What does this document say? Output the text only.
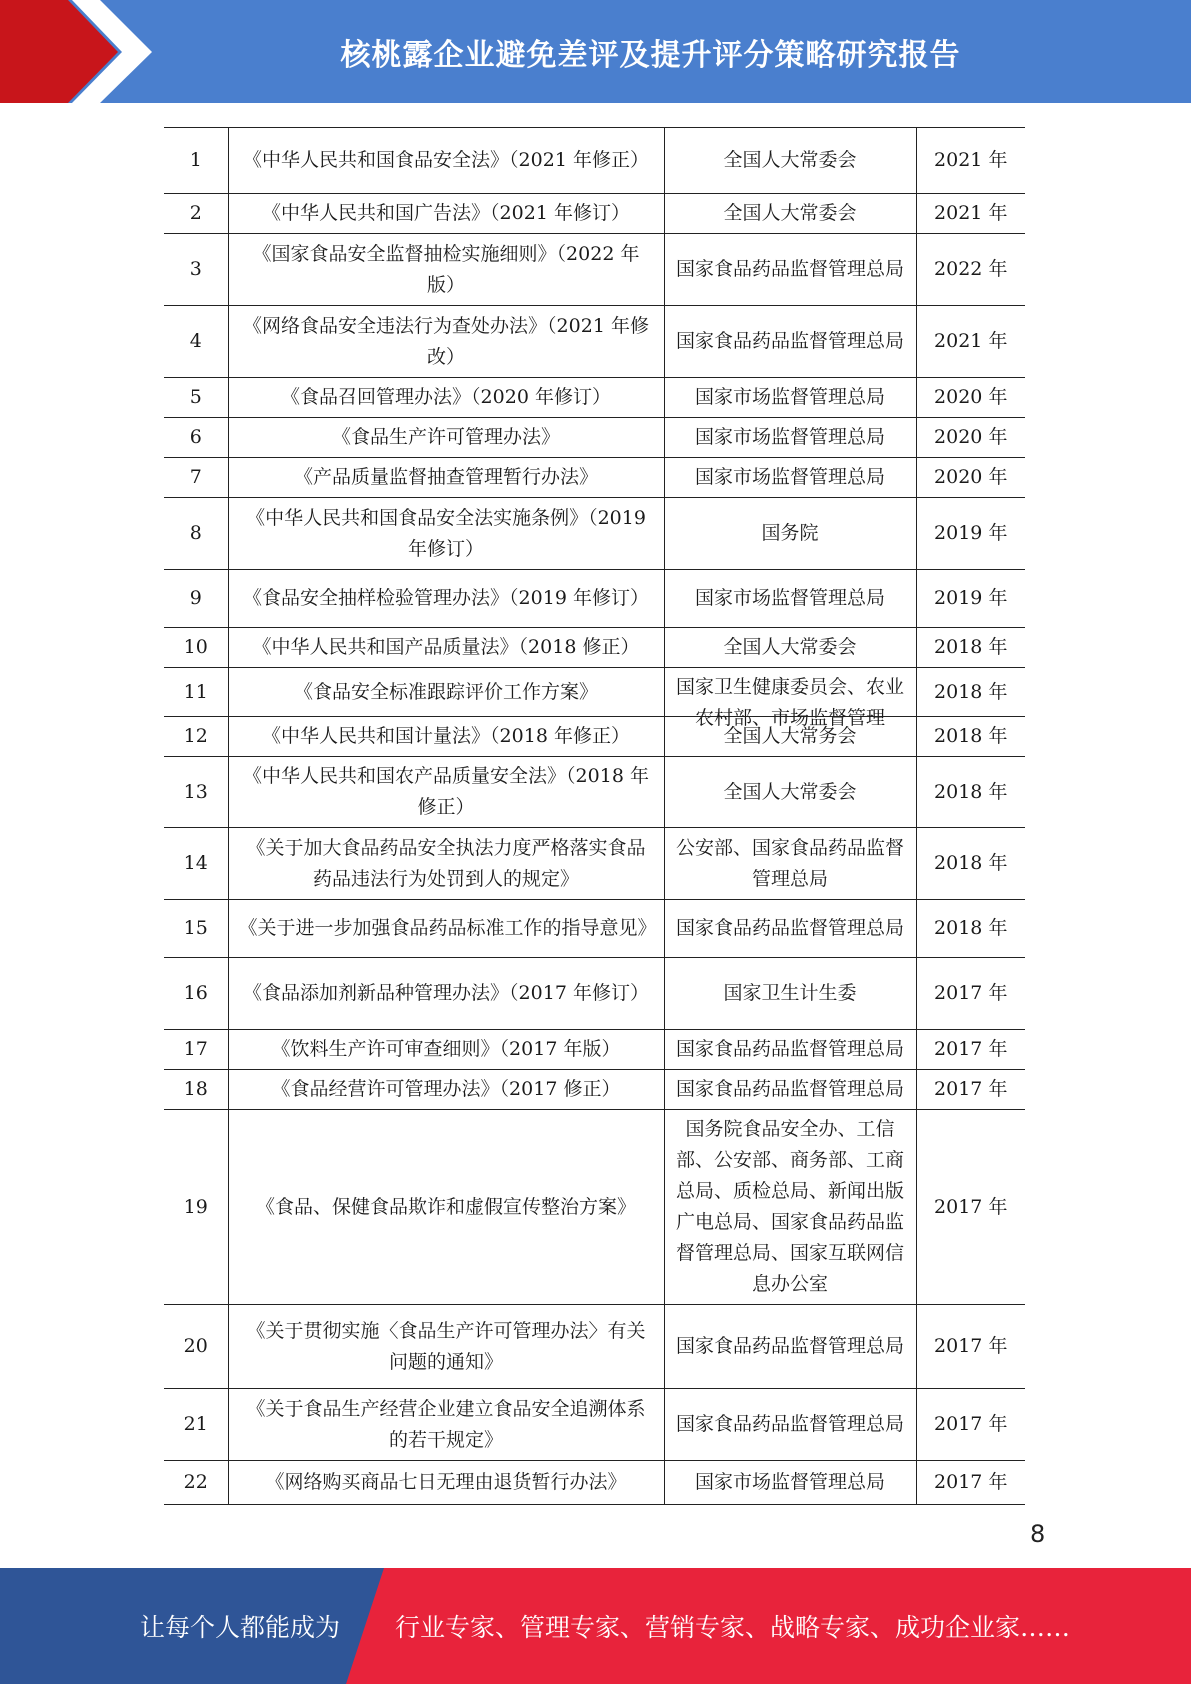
核桃露企业避免差评及提升评分策略研究报告
1	《中华人民共和国食品安全法》（2021 年修正）	全国人大常委会	2021 年
2	《中华人民共和国广告法》（2021 年修订）	全国人大常委会	2021 年
3	《国家食品安全监督抽检实施细则》（2022 年版）	国家食品药品监督管理总局	2022 年
4	《网络食品安全违法行为查处办法》（2021 年修改）	国家食品药品监督管理总局	2021 年
5	《食品召回管理办法》（2020 年修订）	国家市场监督管理总局	2020 年
6	《食品生产许可管理办法》	国家市场监督管理总局	2020 年
7	《产品质量监督抽查管理暂行办法》	国家市场监督管理总局	2020 年
8	《中华人民共和国食品安全法实施条例》（2019 年修订）	国务院	2019 年
9	《食品安全抽样检验管理办法》（2019 年修订）	国家市场监督管理总局	2019 年
10	《中华人民共和国产品质量法》（2018 修正）	全国人大常委会	2018 年
11	《食品安全标准跟踪评价工作方案》	国家卫生健康委员会、农业农村部、市场监督管理	2018 年
12	《中华人民共和国计量法》（2018 年修正）	全国人大常务会	2018 年
13	《中华人民共和国农产品质量安全法》（2018 年修正）	全国人大常委会	2018 年
14	《关于加大食品药品安全执法力度严格落实食品药品违法行为处罚到人的规定》	公安部、国家食品药品监督管理总局	2018 年
15	《关于进一步加强食品药品标准工作的指导意见》	国家食品药品监督管理总局	2018 年
16	《食品添加剂新品种管理办法》（2017 年修订）	国家卫生计生委	2017 年
17	《饮料生产许可审查细则》（2017 年版）	国家食品药品监督管理总局	2017 年
18	《食品经营许可管理办法》（2017 修正）	国家食品药品监督管理总局	2017 年
19	《食品、保健食品欺诈和虚假宣传整治方案》	国务院食品安全办、工信部、公安部、商务部、工商总局、质检总局、新闻出版广电总局、国家食品药品监督管理总局、国家互联网信息办公室	2017 年
20	《关于贯彻实施〈食品生产许可管理办法〉有关问题的通知》	国家食品药品监督管理总局	2017 年
21	《关于食品生产经营企业建立食品安全追溯体系的若干规定》	国家食品药品监督管理总局	2017 年
22	《网络购买商品七日无理由退货暂行办法》	国家市场监督管理总局	2017 年
8
让每个人都能成为 行业专家、管理专家、营销专家、战略专家、成功企业家……
